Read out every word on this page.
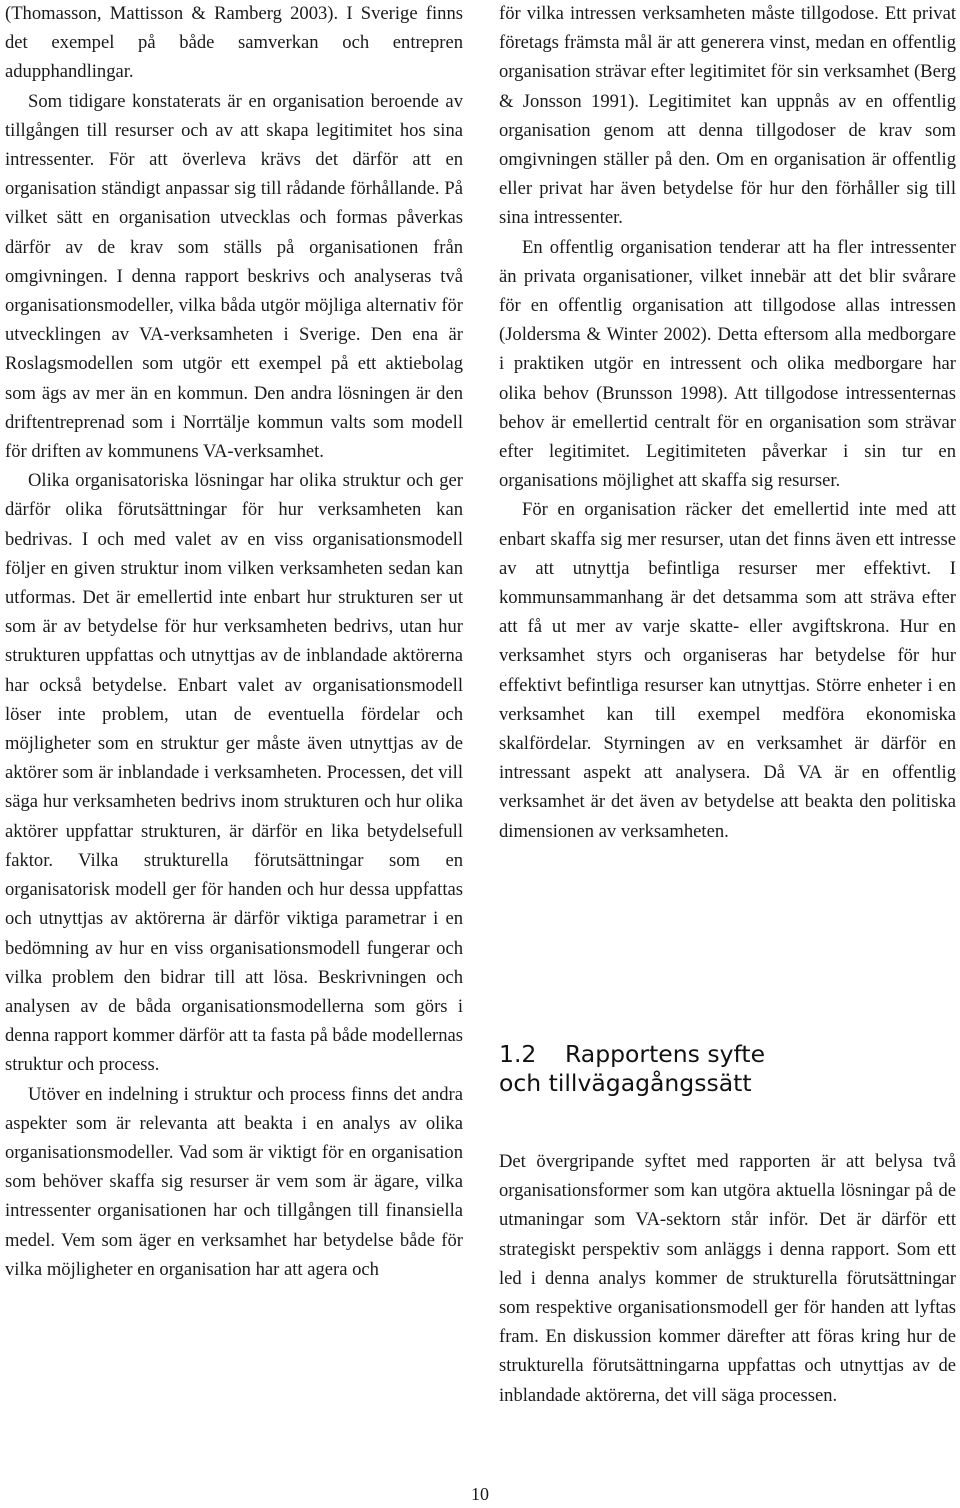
(Thomasson, Mattisson & Ramberg 2003). I Sverige finns det exempel på både samverkan och entrepren adupphandlingar.

Som tidigare konstaterats är en organisation beroende av tillgången till resurser och av att skapa legitimitet hos sina intressenter. För att överleva krävs det därför att en organisation ständigt anpassar sig till rådande förhållande. På vilket sätt en organisation utvecklas och formas påverkas därför av de krav som ställs på organisationen från omgivningen. I denna rapport beskrivs och analyseras två organisationsmodeller, vilka båda utgör möjliga alternativ för utvecklingen av VA-verksamheten i Sverige. Den ena är Roslagsmodellen som utgör ett exempel på ett aktiebolag som ägs av mer än en kommun. Den andra lösningen är den driftentreprenad som i Norrtälje kommun valts som modell för driften av kommunens VA-verksamhet.

Olika organisatoriska lösningar har olika struktur och ger därför olika förutsättningar för hur verksamheten kan bedrivas. I och med valet av en viss organisationsmodell följer en given struktur inom vilken verksamheten sedan kan utformas. Det är emellertid inte enbart hur strukturen ser ut som är av betydelse för hur verksamheten bedrivs, utan hur strukturen uppfattas och utnyttjas av de inblandade aktörerna har också betydelse. Enbart valet av organisationsmodell löser inte problem, utan de eventuella fördelar och möjligheter som en struktur ger måste även utnyttjas av de aktörer som är inblandade i verksamheten. Processen, det vill säga hur verksamheten bedrivs inom strukturen och hur olika aktörer uppfattar strukturen, är därför en lika betydelsefull faktor. Vilka strukturella förutsättningar som en organisatorisk modell ger för handen och hur dessa uppfattas och utnyttjas av aktörerna är därför viktiga parametrar i en bedömning av hur en viss organisationsmodell fungerar och vilka problem den bidrar till att lösa. Beskrivningen och analysen av de båda organisationsmodellerna som görs i denna rapport kommer därför att ta fasta på både modellernas struktur och process.

Utöver en indelning i struktur och process finns det andra aspekter som är relevanta att beakta i en analys av olika organisationsmodeller. Vad som är viktigt för en organisation som behöver skaffa sig resurser är vem som är ägare, vilka intressenter organisationen har och tillgången till finansiella medel. Vem som äger en verksamhet har betydelse både för vilka möjligheter en organisation har att agera och

för vilka intressen verksamheten måste tillgodose. Ett privat företags främsta mål är att generera vinst, medan en offentlig organisation strävar efter legitimitet för sin verksamhet (Berg & Jonsson 1991). Legitimitet kan uppnås av en offentlig organisation genom att denna tillgodoser de krav som omgivningen ställer på den. Om en organisation är offentlig eller privat har även betydelse för hur den förhåller sig till sina intressenter.

En offentlig organisation tenderar att ha fler intressenter än privata organisationer, vilket innebär att det blir svårare för en offentlig organisation att tillgodose allas intressen (Joldersma & Winter 2002). Detta eftersom alla medborgare i praktiken utgör en intressent och olika medborgare har olika behov (Brunsson 1998). Att tillgodose intressenternas behov är emellertid centralt för en organisation som strävar efter legitimitet. Legitimiteten påverkar i sin tur en organisations möjlighet att skaffa sig resurser.

För en organisation räcker det emellertid inte med att enbart skaffa sig mer resurser, utan det finns även ett intresse av att utnyttja befintliga resurser mer effektivt. I kommunsammanhang är det detsamma som att sträva efter att få ut mer av varje skatte- eller avgiftskrona. Hur en verksamhet styrs och organiseras har betydelse för hur effektivt befintliga resurser kan utnyttjas. Större enheter i en verksamhet kan till exempel medföra ekonomiska skalfördelar. Styrningen av en verksamhet är därför en intressant aspekt att analysera. Då VA är en offentlig verksamhet är det även av betydelse att beakta den politiska dimensionen av verksamheten.

1.2 Rapportens syfte
och tillvägagångssätt

Det övergripande syftet med rapporten är att belysa två organisationsformer som kan utgöra aktuella lösningar på de utmaningar som VA-sektorn står inför. Det är därför ett strategiskt perspektiv som anläggs i denna rapport. Som ett led i denna analys kommer de strukturella förutsättningar som respektive organisationsmodell ger för handen att lyftas fram. En diskussion kommer därefter att föras kring hur de strukturella förutsättningarna uppfattas och utnyttjas av de inblandade aktörerna, det vill säga processen.

10
